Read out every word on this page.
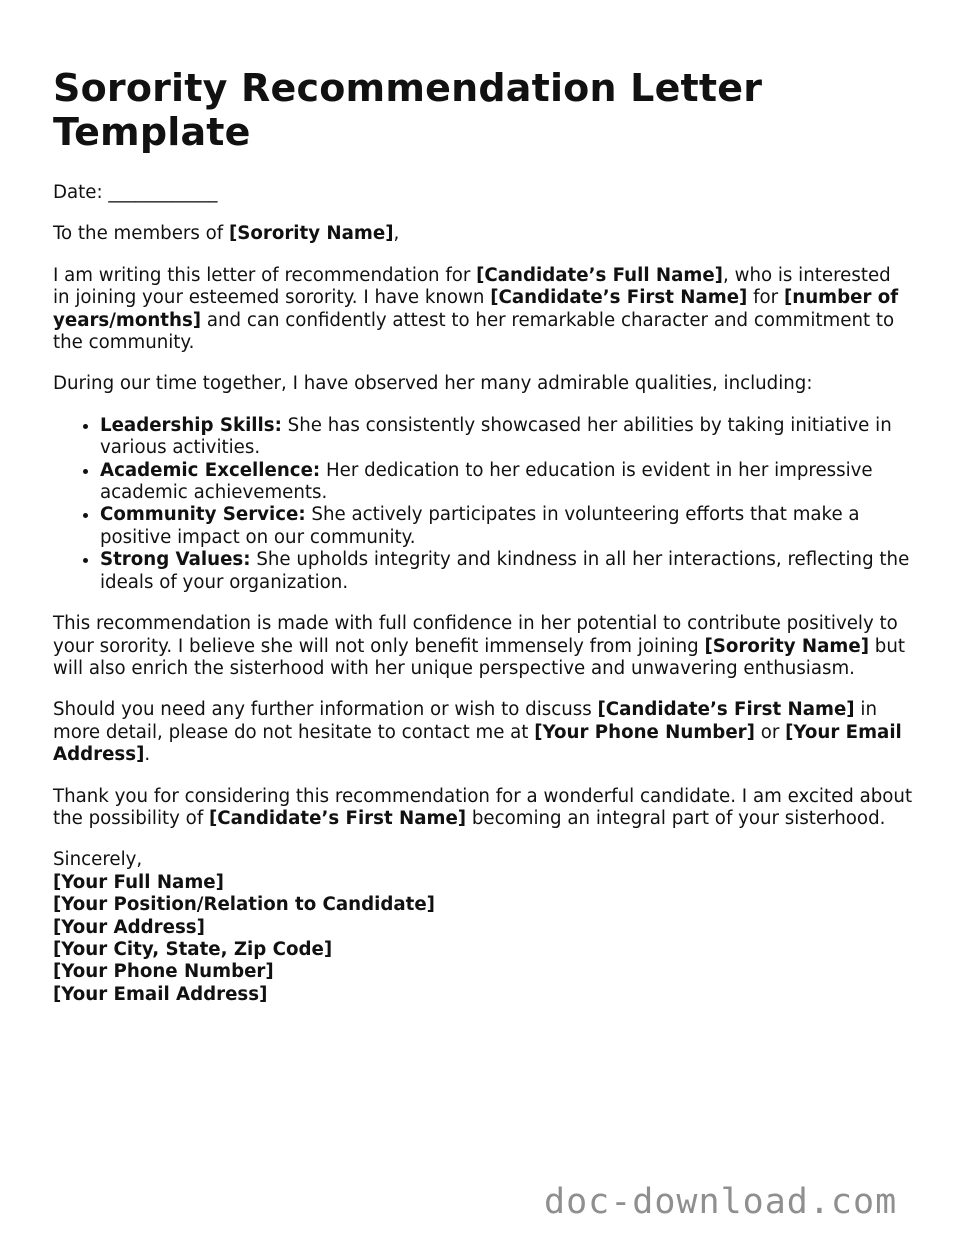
Sorority Recommendation Letter Template

Date: ____________

To the members of [Sorority Name],

I am writing this letter of recommendation for [Candidate’s Full Name], who is interested in joining your esteemed sorority. I have known [Candidate’s First Name] for [number of years/months] and can confidently attest to her remarkable character and commitment to the community.

During our time together, I have observed her many admirable qualities, including:

• Leadership Skills: She has consistently showcased her abilities by taking initiative in various activities.
• Academic Excellence: Her dedication to her education is evident in her impressive academic achievements.
• Community Service: She actively participates in volunteering efforts that make a positive impact on our community.
• Strong Values: She upholds integrity and kindness in all her interactions, reflecting the ideals of your organization.

This recommendation is made with full confidence in her potential to contribute positively to your sorority. I believe she will not only benefit immensely from joining [Sorority Name] but will also enrich the sisterhood with her unique perspective and unwavering enthusiasm.

Should you need any further information or wish to discuss [Candidate’s First Name] in more detail, please do not hesitate to contact me at [Your Phone Number] or [Your Email Address].

Thank you for considering this recommendation for a wonderful candidate. I am excited about the possibility of [Candidate’s First Name] becoming an integral part of your sisterhood.

Sincerely,
[Your Full Name]
[Your Position/Relation to Candidate]
[Your Address]
[Your City, State, Zip Code]
[Your Phone Number]
[Your Email Address]
doc-download.com
